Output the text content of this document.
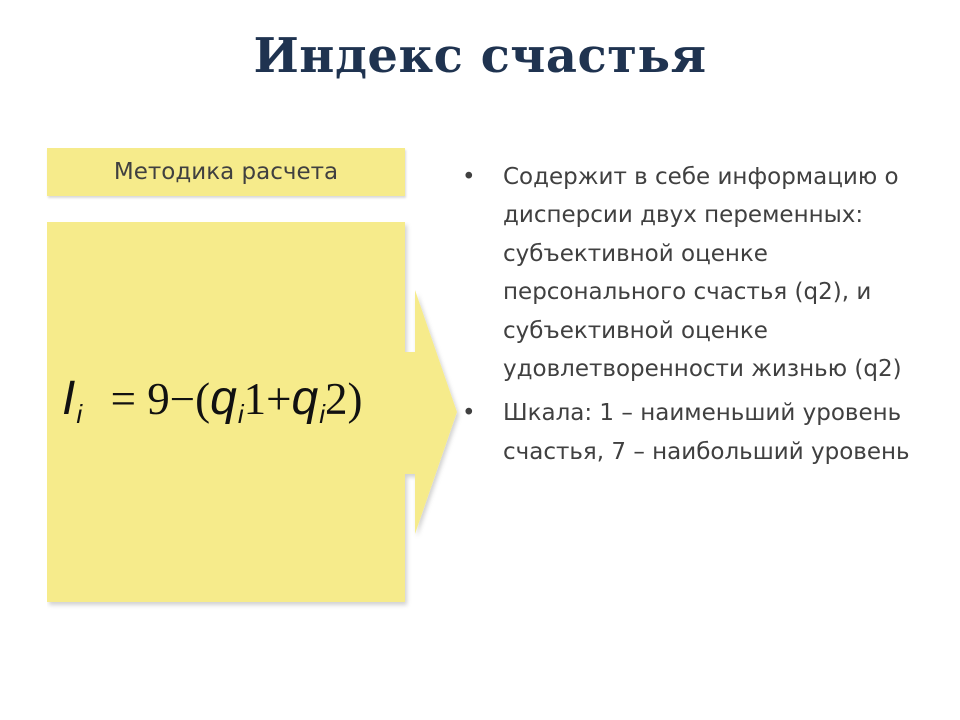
Индекс счастья
Методика расчета
$I_i = 9-(q_i1+q_i2)$
• Содержит в себе информацию о дисперсии двух переменных: субъективной оценке персонального счастья (q2), и субъективной оценке удовлетворенности жизнью (q2)
• Шкала: 1 – наименьший уровень счастья, 7 – наибольший уровень
